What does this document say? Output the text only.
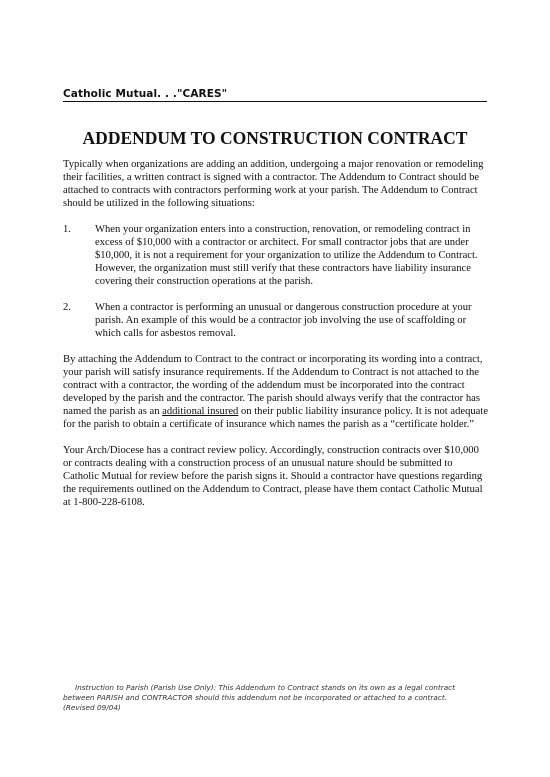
Catholic Mutual. . ."CARES"
ADDENDUM TO CONSTRUCTION CONTRACT

Typically when organizations are adding an addition, undergoing a major renovation or remodeling their facilities, a written contract is signed with a contractor. The Addendum to Contract should be attached to contracts with contractors performing work at your parish. The Addendum to Contract should be utilized in the following situations:

1.	When your organization enters into a construction, renovation, or remodeling contract in excess of $10,000 with a contractor or architect. For small contractor jobs that are under $10,000, it is not a requirement for your organization to utilize the Addendum to Contract. However, the organization must still verify that these contractors have liability insurance covering their construction operations at the parish.
2.	When a contractor is performing an unusual or dangerous construction procedure at your parish. An example of this would be a contractor job involving the use of scaffolding or which calls for asbestos removal.

By attaching the Addendum to Contract to the contract or incorporating its wording into a contract, your parish will satisfy insurance requirements. If the Addendum to Contract is not attached to the contract with a contractor, the wording of the addendum must be incorporated into the contract developed by the parish and the contractor. The parish should always verify that the contractor has named the parish as an additional insured on their public liability insurance policy. It is not adequate for the parish to obtain a certificate of insurance which names the parish as a “certificate holder.”

Your Arch/Diocese has a contract review policy. Accordingly, construction contracts over $10,000 or contracts dealing with a construction process of an unusual nature should be submitted to Catholic Mutual for review before the parish signs it. Should a contractor have questions regarding the requirements outlined on the Addendum to Contract, please have them contact Catholic Mutual at 1-800-228-6108.

Instruction to Parish (Parish Use Only): This Addendum to Contract stands on its own as a legal contract
between PARISH and CONTRACTOR should this addendum not be incorporated or attached to a contract.
(Revised 09/04)
